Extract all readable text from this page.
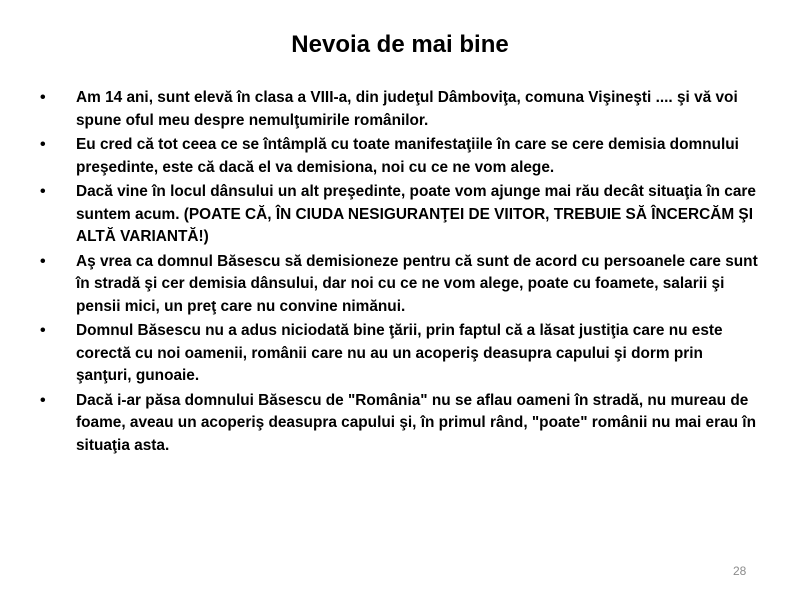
Nevoia de mai bine
•	Am 14 ani, sunt elevă în clasa a VIII-a, din judeţul Dâmboviţa, comuna Vişineşti .... şi vă voi spune oful meu despre nemulţumirile românilor.
•	Eu cred că tot ceea ce se întâmplă cu toate manifestaţiile în care se cere demisia domnului preşedinte, este că dacă el va demisiona, noi cu ce ne vom alege.
•	Dacă vine în locul dânsului un alt preşedinte, poate vom ajunge mai rău decât situaţia în care suntem acum. (POATE CĂ, ÎN CIUDA NESIGURANŢEI DE VIITOR, TREBUIE SĂ ÎNCERCĂM ŞI ALTĂ VARIANTĂ!)
•	Aş vrea ca domnul Băsescu să demisioneze pentru că sunt de acord cu persoanele care sunt în stradă şi cer demisia dânsului, dar noi cu ce ne vom alege, poate cu foamete, salarii şi pensii mici, un preţ care nu convine nimănui.
•	Domnul Băsescu nu a adus niciodată bine ţării, prin faptul că a lăsat justiţia care nu este corectă cu noi oamenii, românii care nu au un acoperiş deasupra capului şi dorm prin şanţuri, gunoaie.
•	Dacă i-ar păsa domnului Băsescu de "România" nu se aflau oameni în stradă, nu mureau de foame, aveau un acoperiş deasupra capului şi, în primul rând, "poate" românii nu mai erau în situaţia asta.
28
